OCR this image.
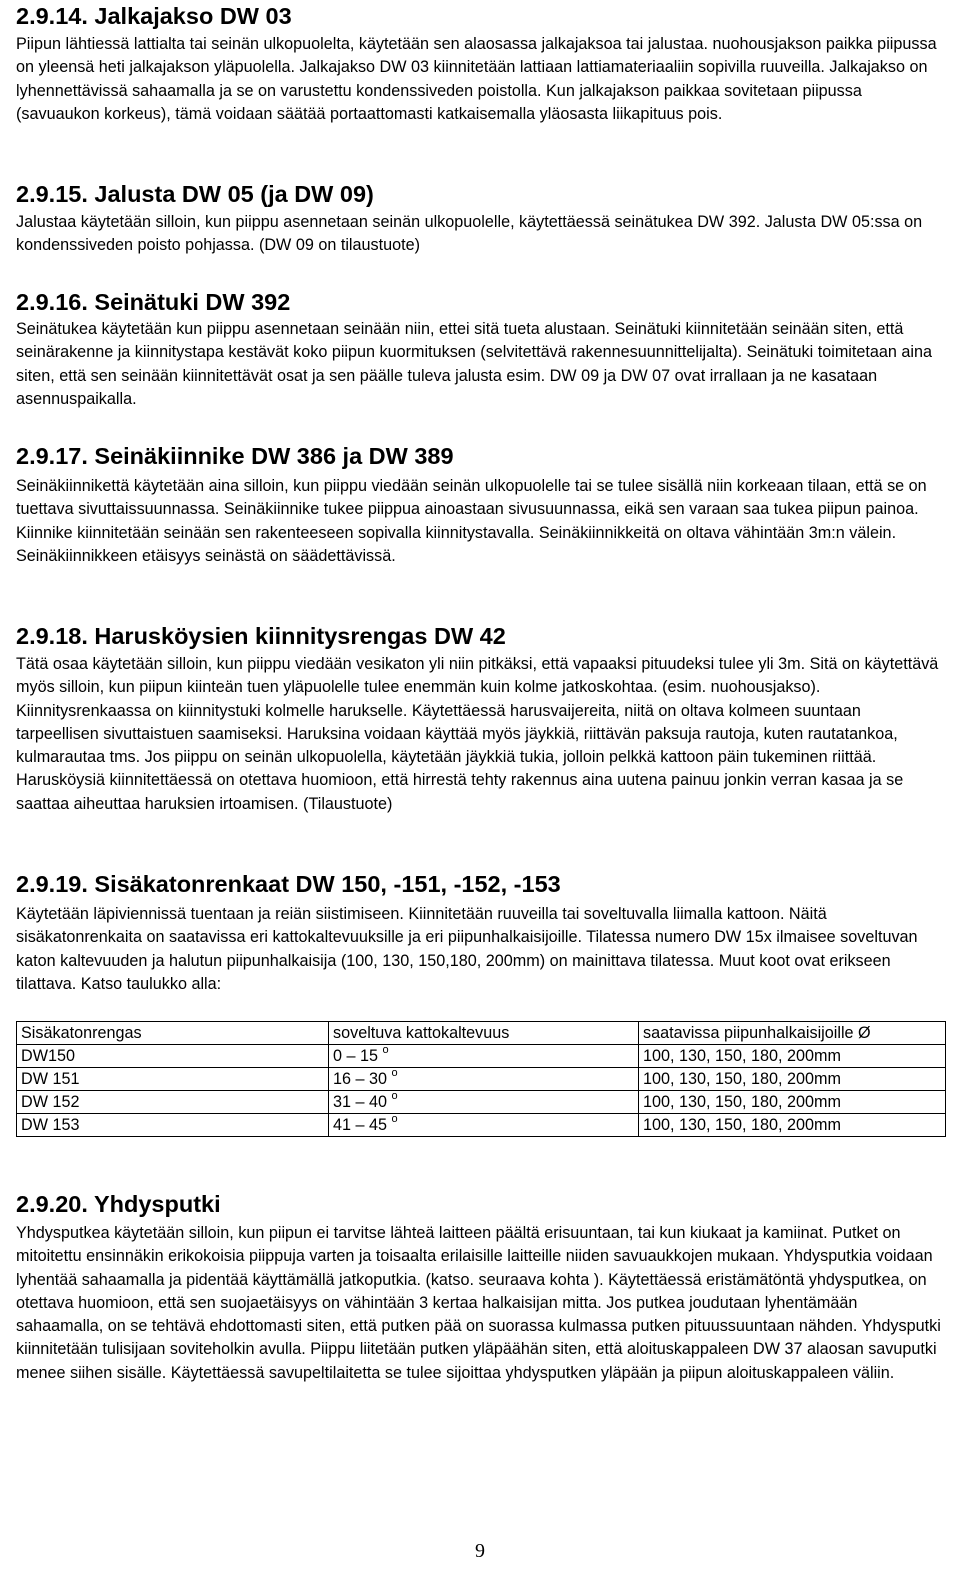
2.9.14. Jalkajakso DW 03

Piipun lähtiessä lattialta tai seinän ulkopuolelta, käytetään sen alaosassa jalkajaksoa tai jalustaa. nuohousjakson paikka piipussa on yleensä heti jalkajakson yläpuolella. Jalkajakso DW 03 kiinnitetään lattiaan lattiamateriaaliin sopivilla ruuveilla. Jalkajakso on lyhennettävissä sahaamalla ja se on varustettu kondenssiveden poistolla. Kun jalkajakson paikkaa sovitetaan piipussa (savuaukon korkeus), tämä voidaan säätää portaattomasti katkaisemalla yläosasta liikapituus pois.

2.9.15. Jalusta DW 05 (ja DW 09)

Jalustaa käytetään silloin, kun piippu asennetaan seinän ulkopuolelle, käytettäessä seinätukea DW 392. Jalusta DW 05:ssa on kondenssiveden poisto pohjassa. (DW 09 on tilaustuote)

2.9.16. Seinätuki DW 392

Seinätukea käytetään kun piippu asennetaan seinään niin, ettei sitä tueta alustaan. Seinätuki kiinnitetään seinään siten, että seinärakenne ja kiinnitystapa kestävät koko piipun kuormituksen (selvitettävä rakennesuunnittelijalta). Seinätuki toimitetaan aina siten, että sen seinään kiinnitettävät osat ja sen päälle tuleva jalusta esim. DW 09 ja DW 07 ovat irrallaan ja ne kasataan asennuspaikalla.

2.9.17. Seinäkiinnike DW 386 ja DW 389

Seinäkiinnikettä käytetään aina silloin, kun piippu viedään seinän ulkopuolelle tai se tulee sisällä niin korkeaan tilaan, että se on tuettava sivuttaissuunnassa. Seinäkiinnike tukee piippua ainoastaan sivusuunnassa, eikä sen varaan saa tukea piipun painoa. Kiinnike kiinnitetään seinään sen rakenteeseen sopivalla kiinnitystavalla. Seinäkiinnikkeitä on oltava vähintään 3m:n välein. Seinäkiinnikkeen etäisyys seinästä on säädettävissä.

2.9.18. Harusköysien kiinnitysrengas DW 42

Tätä osaa käytetään silloin, kun piippu viedään vesikaton yli niin pitkäksi, että vapaaksi pituudeksi tulee yli 3m. Sitä on käytettävä myös silloin, kun piipun kiinteän tuen yläpuolelle tulee enemmän kuin kolme jatkoskohtaa. (esim. nuohousjakso). Kiinnitysrenkaassa on kiinnitystuki kolmelle harukselle. Käytettäessä harusvaijereita, niitä on oltava kolmeen suuntaan tarpeellisen sivuttaistuen saamiseksi. Haruksina voidaan käyttää myös jäykkiä, riittävän paksuja rautoja, kuten rautatankoa, kulmarautaa tms. Jos piippu on seinän ulkopuolella, käytetään jäykkiä tukia, jolloin pelkkä kattoon päin tukeminen riittää. Harusköysiä kiinnitettäessä on otettava huomioon, että hirrestä tehty rakennus aina uutena painuu jonkin verran kasaa ja se saattaa aiheuttaa haruksien irtoamisen. (Tilaustuote)

2.9.19. Sisäkatonrenkaat DW 150, -151, -152, -153

Käytetään läpiviennissä tuentaan ja reiän siistimiseen. Kiinnitetään ruuveilla tai soveltuvalla liimalla kattoon. Näitä sisäkatonrenkaita on saatavissa eri kattokaltevuuksille ja eri piipunhalkaisijoille. Tilatessa numero DW 15x ilmaisee soveltuvan katon kaltevuuden ja halutun piipunhalkaisija (100, 130, 150,180, 200mm) on mainittava tilatessa. Muut koot ovat erikseen tilattava. Katso taulukko alla:

Sisäkatonrengas	soveltuva kattokaltevuus	saatavissa piipunhalkaisijoille Ø
DW150	0 – 15 $^o$	100, 130, 150, 180, 200mm
DW 151	16 – 30 $^o$	100, 130, 150, 180, 200mm
DW 152	31 – 40 $^o$	100, 130, 150, 180, 200mm
DW 153	41 – 45 $^o$	100, 130, 150, 180, 200mm
2.9.20. Yhdysputki

Yhdysputkea käytetään silloin, kun piipun ei tarvitse lähteä laitteen päältä erisuuntaan, tai kun kiukaat ja kamiinat. Putket on mitoitettu ensinnäkin erikokoisia piippuja varten ja toisaalta erilaisille laitteille niiden savuaukkojen mukaan. Yhdysputkia voidaan lyhentää sahaamalla ja pidentää käyttämällä jatkoputkia. (katso. seuraava kohta ). Käytettäessä eristämätöntä yhdysputkea, on otettava huomioon, että sen suojaetäisyys on vähintään 3 kertaa halkaisijan mitta. Jos putkea joudutaan lyhentämään sahaamalla, on se tehtävä ehdottomasti siten, että putken pää on suorassa kulmassa putken pituussuuntaan nähden. Yhdysputki kiinnitetään tulisijaan soviteholkin avulla. Piippu liitetään putken yläpäähän siten, että aloituskappaleen DW 37 alaosan savuputki menee siihen sisälle. Käytettäessä savupeltilaitetta se tulee sijoittaa yhdysputken yläpään ja piipun aloituskappaleen väliin.

9
